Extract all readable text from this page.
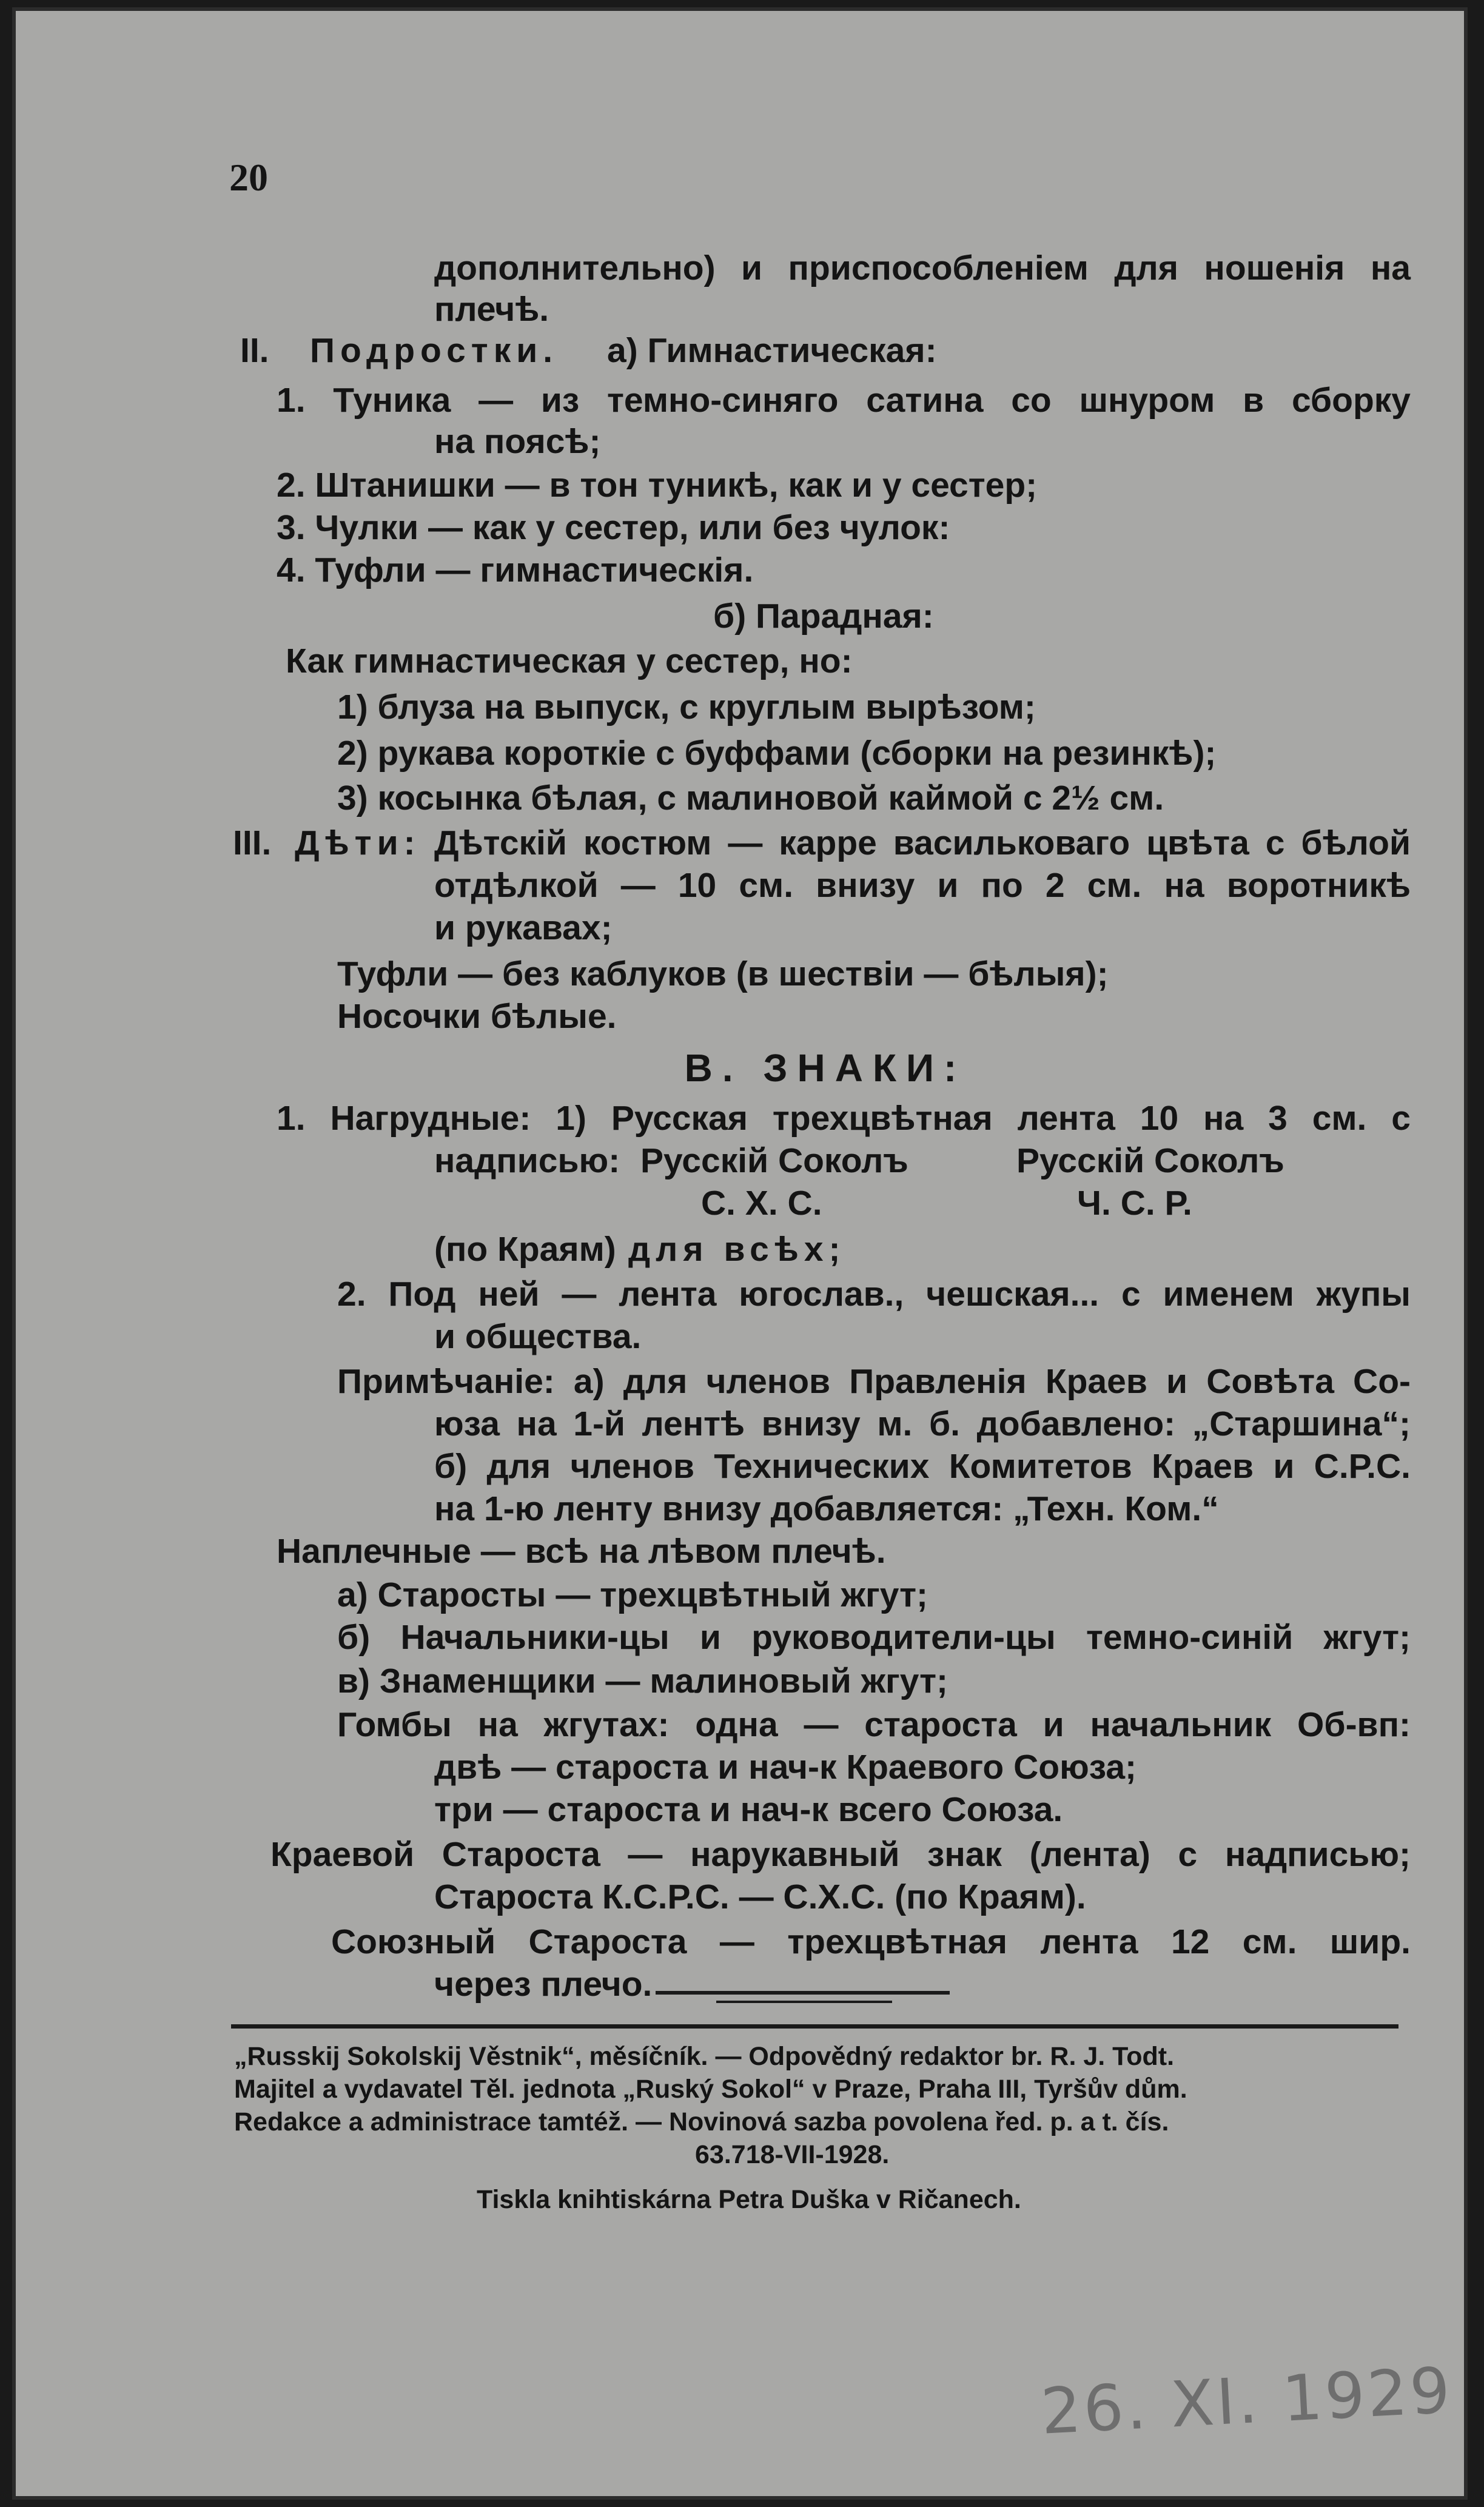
20
дополнительно) и приспособленіем для ношенія на
плечѣ.
II.	Подростки.	а) Гимнастическая:
1. Туника — из темно-синяго сатина со шнуром в сборку
на поясѣ;
2. Штанишки — в тон туникѣ, как и у сестер;
3. Чулки — как у сестер, или без чулок:
4. Туфли — гимнастическія.
б) Парадная:
Как гимнастическая у сестер, но:
1) блуза на выпуск, с круглым вырѣзом;
2) рукава короткіе с буффами (сборки на резинкѣ);
3) косынка бѣлая, с малиновой каймой с 2½ см.
III. Дѣти: Дѣтскій костюм — карре васильковаго цвѣта с бѣлой
отдѣлкой — 10 см. внизу и по 2 см. на воротникѣ
и рукавах;
Туфли — без каблуков (в шествіи — бѣлыя);
Носочки бѣлые.
В. ЗНАКИ:
1. Нагрудные: 1) Русская трехцвѣтная лента 10 на 3 см. с
надписью: Русскій Соколъ	Русскій Соколъ
С. Х. С.	Ч. С. Р.
(по Краям) для всѣх;
2. Под ней — лента югослав., чешская... с именем жупы
и общества.
Примѣчаніе: а) для членов Правленія Краев и Совѣта Со-
юза на 1-й лентѣ внизу м. б. добавлено: „Старшина“;
б) для членов Технических Комитетов Краев и С.Р.С.
на 1-ю ленту внизу добавляется: „Техн. Ком.“
Наплечные — всѣ на лѣвом плечѣ.
а) Старосты — трехцвѣтный жгут;
б) Начальники-цы и руководители-цы темно-синій жгут;
в) Знаменщики — малиновый жгут;
Гомбы на жгутах: одна — староста и начальник Об-вп:
двѣ — староста и нач-к Краевого Союза;
три — староста и нач-к всего Союза.
Краевой Староста — нарукавный знак (лента) с надписью;
Староста К.С.Р.С. — С.Х.С. (по Краям).
Союзный Староста — трехцвѣтная лента 12 см. шир.
через плечо.
„Russkij Sokolskij Věstnik“, měsíčník. — Odpovědný redaktor br. R. J. Todt.
Majitel a vydavatel Těl. jednota „Ruský Sokol“ v Praze, Praha III, Tyršův dům.
Redakce a administrace tamtéž. — Novinová sazba povolena řed. p. a t. čís.
63.718-VII-1928.
Tiskla knihtiskárna Petra Duška v Ričanech.
26. XI. 1929
